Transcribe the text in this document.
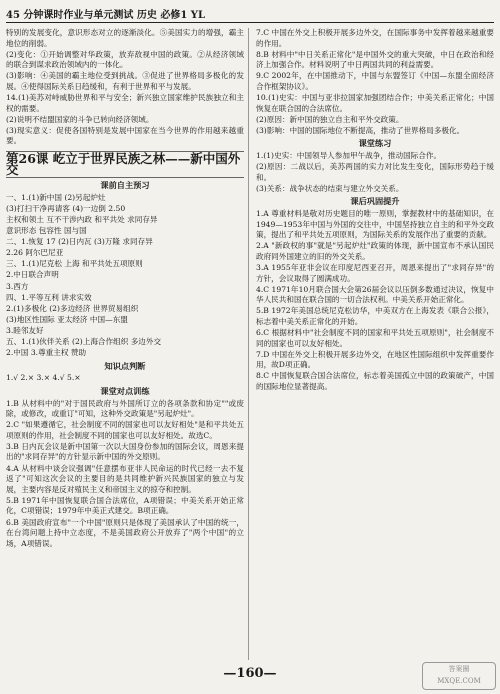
45 分钟课时作业与单元测试 历史 必修1 YL

特别的发展变化，意识形态对立的逐渐淡化。⑤美国实力的增强，霸主地位的削弱。

(2)变化：①开始调整对华政策，放弃敌视中国的政策。②从经济领域的联合到谋求政治领域内的一体化。

(3)影响：④美国的霸主地位受到挑战。③促进了世界格局多极化的发展。④使得国际关系日趋缓和，有利于世界和平与发展。

14.(1)美苏对峙威胁世界和平与安全；新兴独立国家维护民族独立和主权的需要。

(2)说明不结盟国家的斗争已转向经济领域。

(3)现实意义：促使各国特别是发展中国家在当今世界的作用越来越重要。

第26课 屹立于世界民族之林——新中国外交
课前自主预习

一、1.(1)新中国 (2)另起炉灶

(3)打扫干净再请客 (4)一边倒 2.50

主权和领土 互不干涉内政 和平共处 求同存异

意识形态 包容性 国与国

二、1.恢复 17 (2)日内瓦 (3)万隆 求同存异

2.26 阿尔巴尼亚

三、1.(1)尼克松 上海 和平共处五项原则

2.中日联合声明

3.西方

四、1.平等互利 讲求实效

2.(1)多极化 (2)多边经济 世界贸易组织

(3)地区性国际 亚太经济 中国—东盟

3.睦邻友好

五、1.(1)伙伴关系 (2)上海合作组织 多边外交

2.中国 3.尊重主权 赞助

知识点判断

1.√ 2.× 3.× 4.√ 5.×

课堂对点训练

1.B 从材料中的"对于国民政府与外国所订立的各项条款和协定""或废除，或修改，或重订"可知，这种外交政策是"另起炉灶"。

2.C "如果遵循它，社会制度不同的国家也可以友好相处"是和平共处五项原则的作用，社会制度不同的国家也可以友好相处。故选C。

3.B 日内瓦会议是新中国第一次以大国身份参加的国际会议，周恩来提出的"求同存异"的方针显示新中国的外交原则。

4.A 从材料中谈会议强调"任意摆布亚非人民命运的时代已经一去不复返了"可知这次会议的主要目的是共同维护新兴民族国家的独立与发展，主要内容是反对殖民主义和帝国主义的掠夺和控制。

5.B 1971年中国恢复联合国合法席位，A项错误；中美关系开始正常化，C项错误；1979年中美正式建交。B项正确。

6.B 美国政府宣布"一个中国"原则只是体现了美国承认了中国的统一，在台湾问题上持中立态度，不是美国政府公开放弃了"两个中国"的立场，A项错误。

7.C 中国在外交上积极开展多边外交，在国际事务中发挥着越来越重要的作用。

8.B 材料中"中日关系正常化"是中国外交的重大突破，中日在政治和经济上加强合作。材料说明了中日两国共同的利益需要。

9.C 2002年，在中国推动下，中国与东盟签订《中国—东盟全面经济合作框架协议》。

10.(1)史实：中国与亚非拉国家加强团结合作；中美关系正常化；中国恢复在联合国的合法席位。

(2)原因：新中国的独立自主和平外交政策。

(3)影响：中国的国际地位不断提高，推动了世界格局多极化。

课堂练习

1.(1)史实：中国领导人参加甲午战争，推动国际合作。

(2)原因：二战以后，美苏两国的实力对比发生变化，国际形势趋于缓和。

(3)关系：战争状态的结束与建立外交关系。

课后巩固提升

1.A 尊重材料是敬对历史题目的唯一原则，掌握教材中的基础知识，在1949—1953年中国与外国的交往中，中国坚持独立自主的和平外交政策，提出了和平共处五项原则，为国际关系的发展作出了重要的贡献。

2.A "新政权的事"就是"另起炉灶"政策的体现，新中国宣布不承认国民政府同外国建立的旧的外交关系。

3.A 1955年亚非会议在印度尼西亚召开，周恩来提出了"求同存异"的方针，会议取得了圆满成功。

4.C 1971年10月联合国大会第26届会议以压倒多数通过决议，恢复中华人民共和国在联合国的一切合法权利。中美关系开始正常化。

5.B 1972年美国总统尼克松访华，中美双方在上海发表《联合公报》，标志着中美关系正常化的开始。

6.C 根据材料中"社会制度不同的国家和平共处五项原则"，社会制度不同的国家也可以友好相处。

7.D 中国在外交上积极开展多边外交，在地区性国际组织中发挥重要作用，故D项正确。

8.C 中国恢复联合国合法席位，标志着美国孤立中国的政策破产，中国的国际地位显著提高。

—160—	答案圈
MXQE.COM
